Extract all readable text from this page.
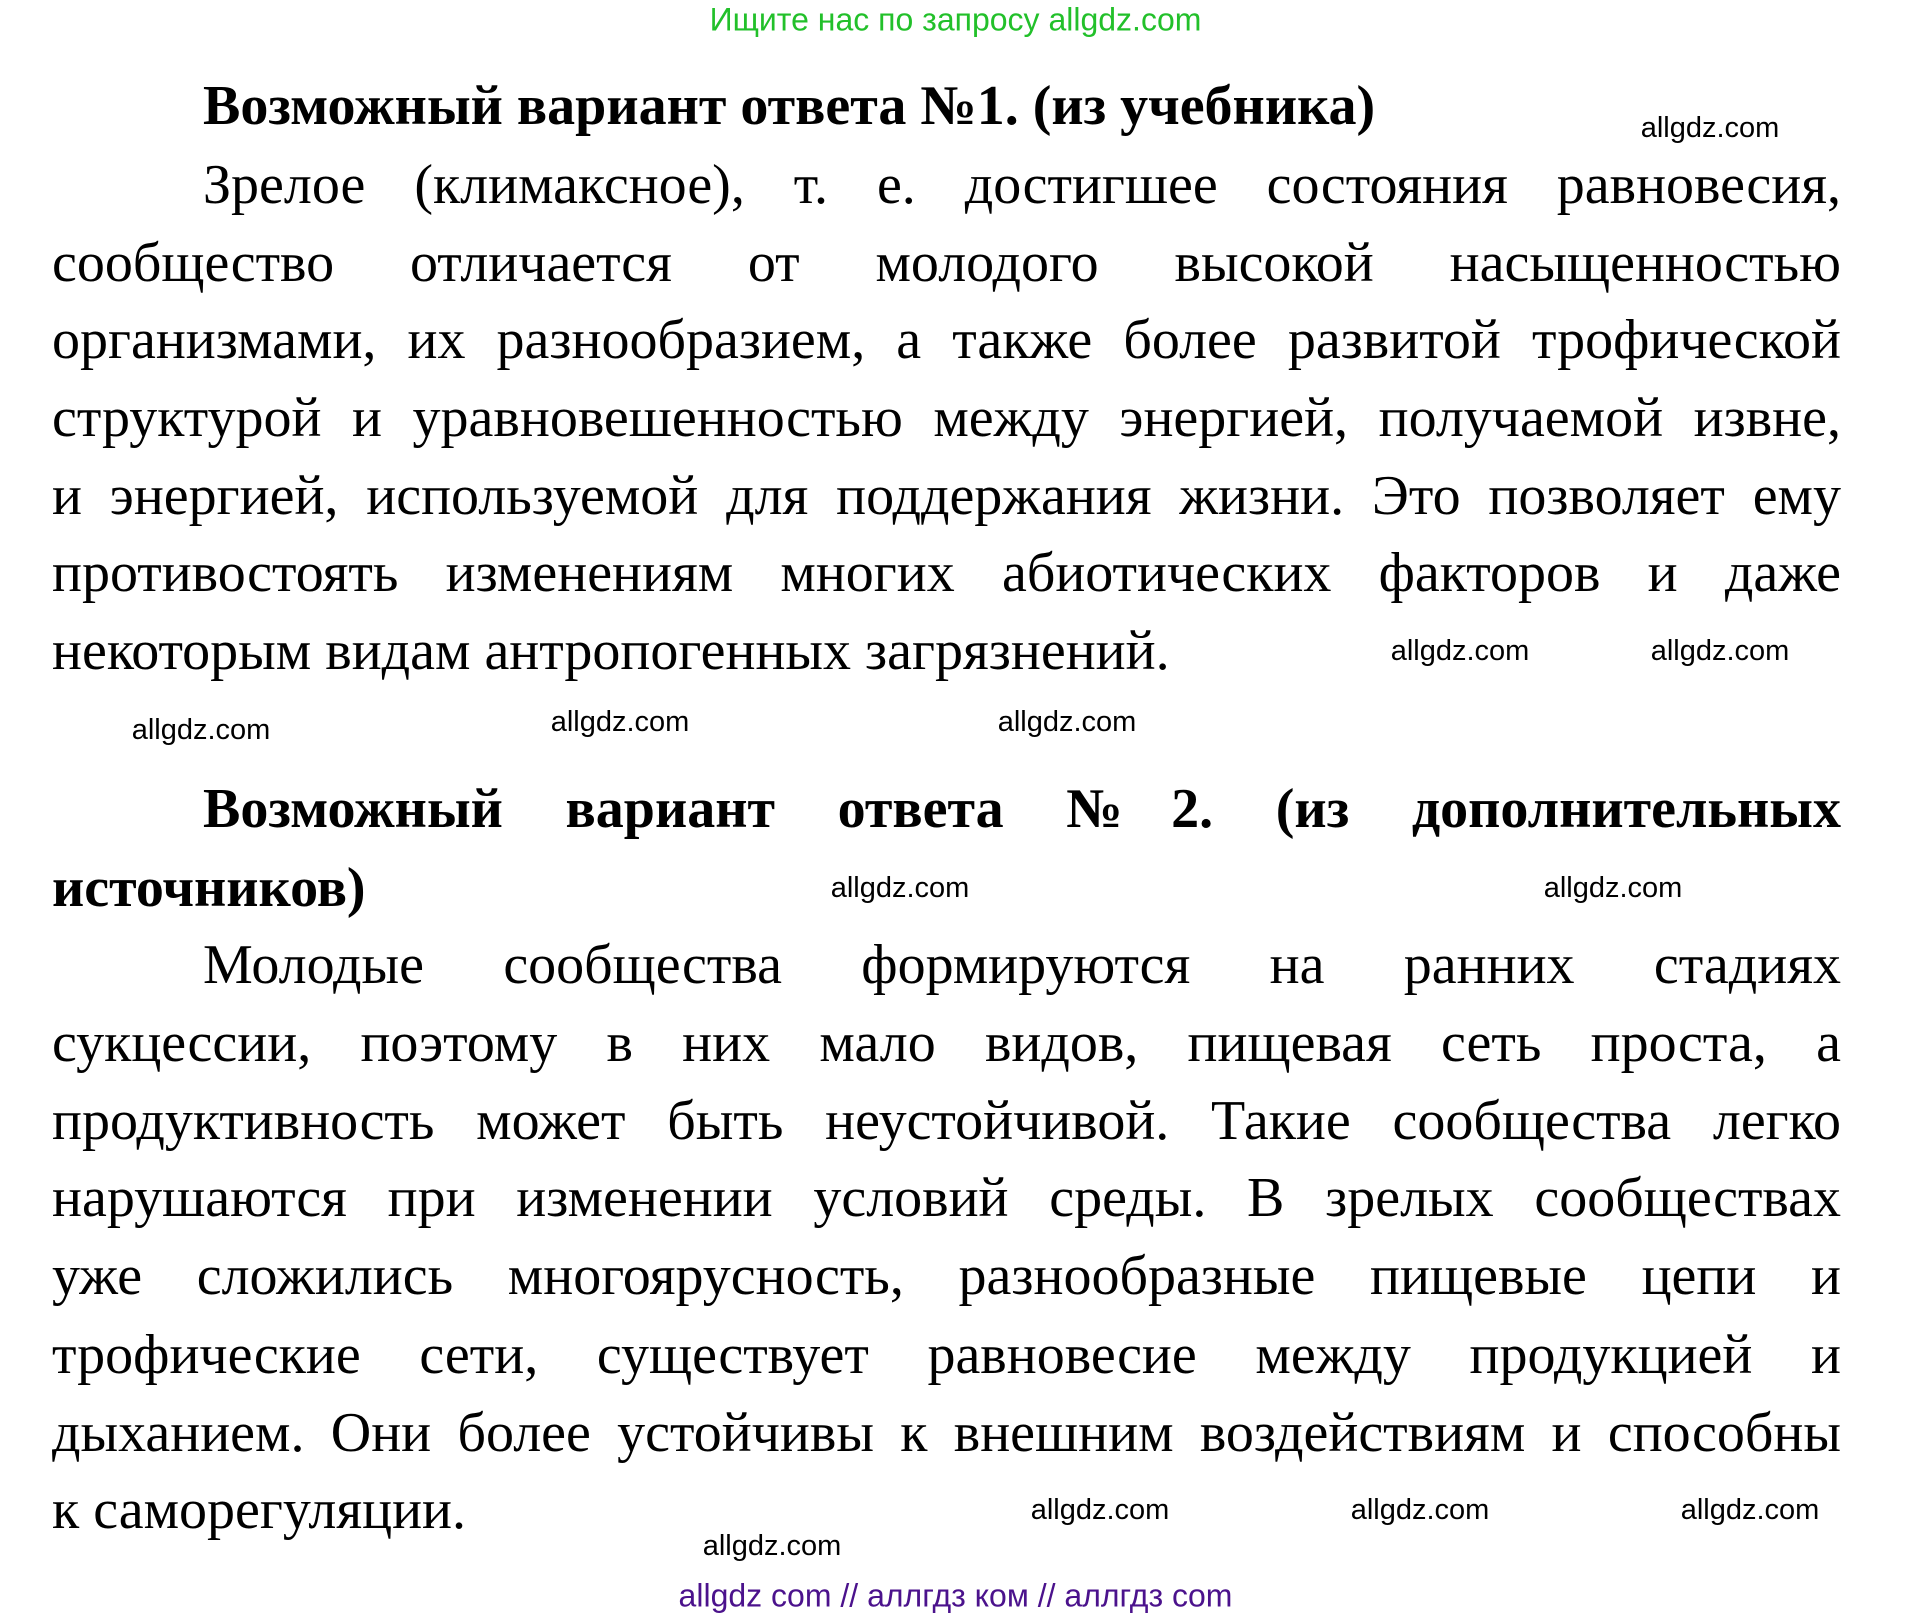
Ищите нас по запросу allgdz.com
Возможный вариант ответа №1. (из учебника)
Зрелое (климаксное), т. е. достигшее состояния равновесия,
сообщество отличается от молодого высокой насыщенностью
организмами, их разнообразием, а также более развитой трофической
структурой и уравновешенностью между энергией, получаемой извне,
и энергией, используемой для поддержания жизни. Это позволяет ему
противостоять изменениям многих абиотических факторов и даже
некоторым видам антропогенных загрязнений.
Возможный вариант ответа №2. (из дополнительных
источников)
Молодые сообщества формируются на ранних стадиях
сукцессии, поэтому в них мало видов, пищевая сеть проста, а
продуктивность может быть неустойчивой. Такие сообщества легко
нарушаются при изменении условий среды. В зрелых сообществах
уже сложились многоярусность, разнообразные пищевые цепи и
трофические сети, существует равновесие между продукцией и
дыханием. Они более устойчивы к внешним воздействиям и способны
к саморегуляции.
allgdz.com
allgdz.com	allgdz.com
allgdz.com	allgdz.com
allgdz.com
allgdz.com
allgdz.com
allgdz.com
allgdz.com
allgdz.com
allgdz.com
allgdz com // аллгдз ком // аллгдз com
